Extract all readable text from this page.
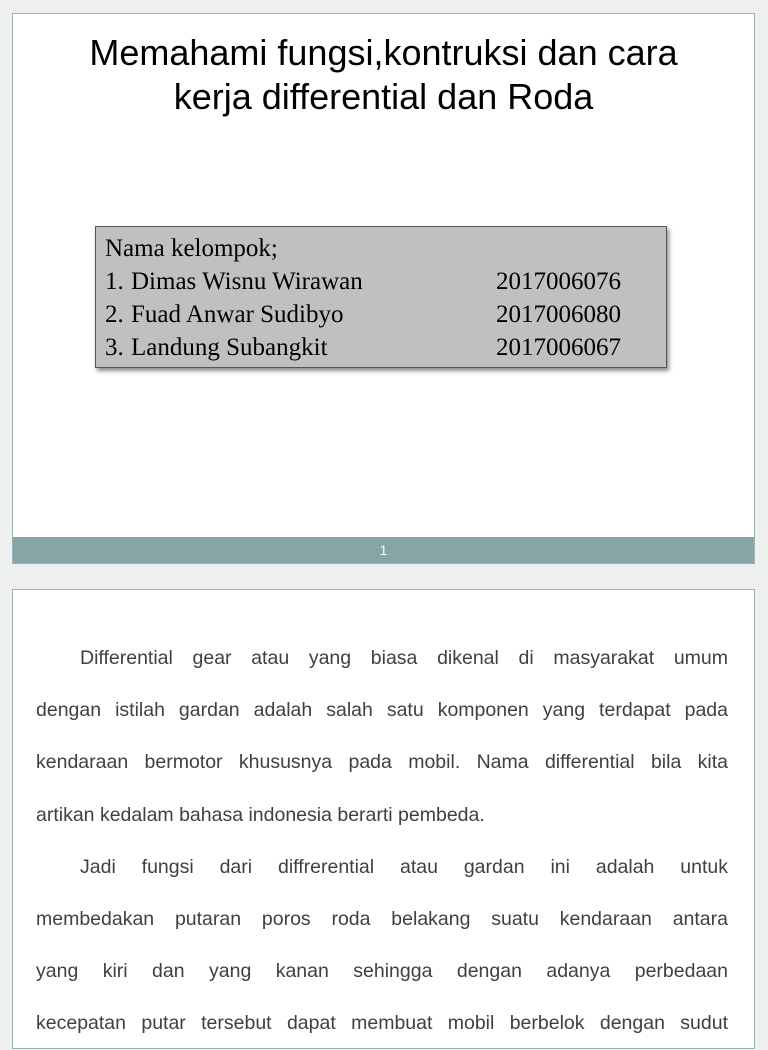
Memahami fungsi,kontruksi dan cara
kerja differential dan Roda
Nama kelompok;
1. Dimas Wisnu Wirawan	2017006076
2. Fuad Anwar Sudibyo	2017006080
3. Landung Subangkit	2017006067
1
Differential gear atau yang biasa dikenal di masyarakat umum
dengan istilah gardan adalah salah satu komponen yang terdapat pada
kendaraan bermotor khususnya pada mobil. Nama differential bila kita
artikan kedalam bahasa indonesia berarti pembeda.
Jadi fungsi dari diffrerential atau gardan ini adalah untuk
membedakan putaran poros roda belakang suatu kendaraan antara
yang kiri dan yang kanan sehingga dengan adanya perbedaan
kecepatan putar tersebut dapat membuat mobil berbelok dengan sudut
